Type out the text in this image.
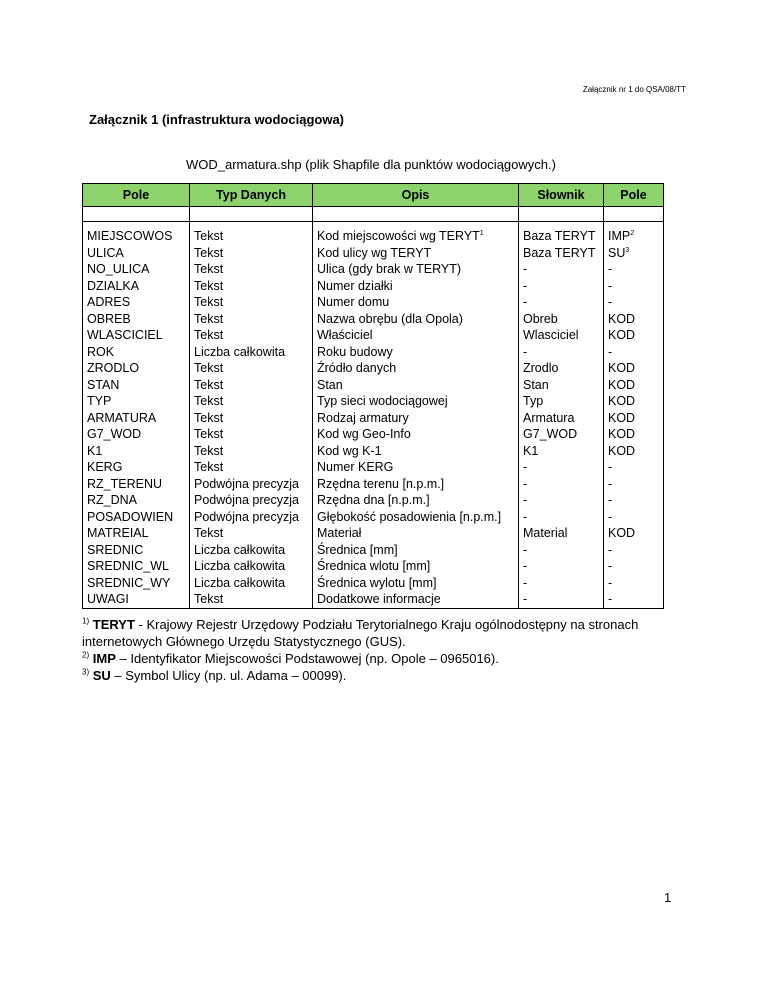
Załącznik nr 1 do QSA/08/TT
Załącznik 1 (infrastruktura wodociągowa)
WOD_armatura.shp (plik Shapfile dla punktów wodociągowych.)
Pole	Typ Danych	Opis	Słownik	Pole

MIEJSCOWOS	Tekst	Kod miejscowości wg TERYT$^1$	Baza TERYT	IMP$^2$
ULICA	Tekst	Kod ulicy wg TERYT	Baza TERYT	$SU^3$
NO_ULICA	Tekst	Ulica (gdy brak w TERYT)	-	-
DZIALKA	Tekst	Numer działki	-	-
ADRES	Tekst	Numer domu	-	-
OBREB	Tekst	Nazwa obrębu (dla Opola)	Obreb	KOD
WLASCICIEL	Tekst	Właściciel	Wlasciciel	KOD
ROK	Liczba całkowita	Roku budowy	-	-
ZRODLO	Tekst	Źródło danych	Zrodlo	KOD
STAN	Tekst	Stan	Stan	KOD
TYP	Tekst	Typ sieci wodociągowej	Typ	KOD
ARMATURA	Tekst	Rodzaj armatury	Armatura	KOD
G7_WOD	Tekst	Kod wg Geo-Info	G7_WOD	KOD
K1	Tekst	Kod wg K-1	K1	KOD
KERG	Tekst	Numer KERG	-	-
RZ_TERENU	Podwójna precyzja	Rzędna terenu [n.p.m.]	-	-
RZ_DNA	Podwójna precyzja	Rzędna dna [n.p.m.]	-	-
POSADOWIEN	Podwójna precyzja	Głębokość posadowienia [n.p.m.]	-	-
MATREIAL	Tekst	Materiał	Material	KOD
SREDNIC	Liczba całkowita	Średnica [mm]	-	-
SREDNIC_WL	Liczba całkowita	Średnica wlotu [mm]	-	-
SREDNIC_WY	Liczba całkowita	Średnica wylotu [mm]	-	-
UWAGI	Tekst	Dodatkowe informacje	-	-

$^{1)}$ TERYT - Krajowy Rejestr Urzędowy Podziału Terytorialnego Kraju ogólnodostępny na stronach internetowych Głównego Urzędu Statystycznego (GUS).

$^{2)}$ IMP – Identyfikator Miejscowości Podstawowej (np. Opole – 0965016).

$^{3)}$ SU – Symbol Ulicy (np. ul. Adama – 00099).

1
